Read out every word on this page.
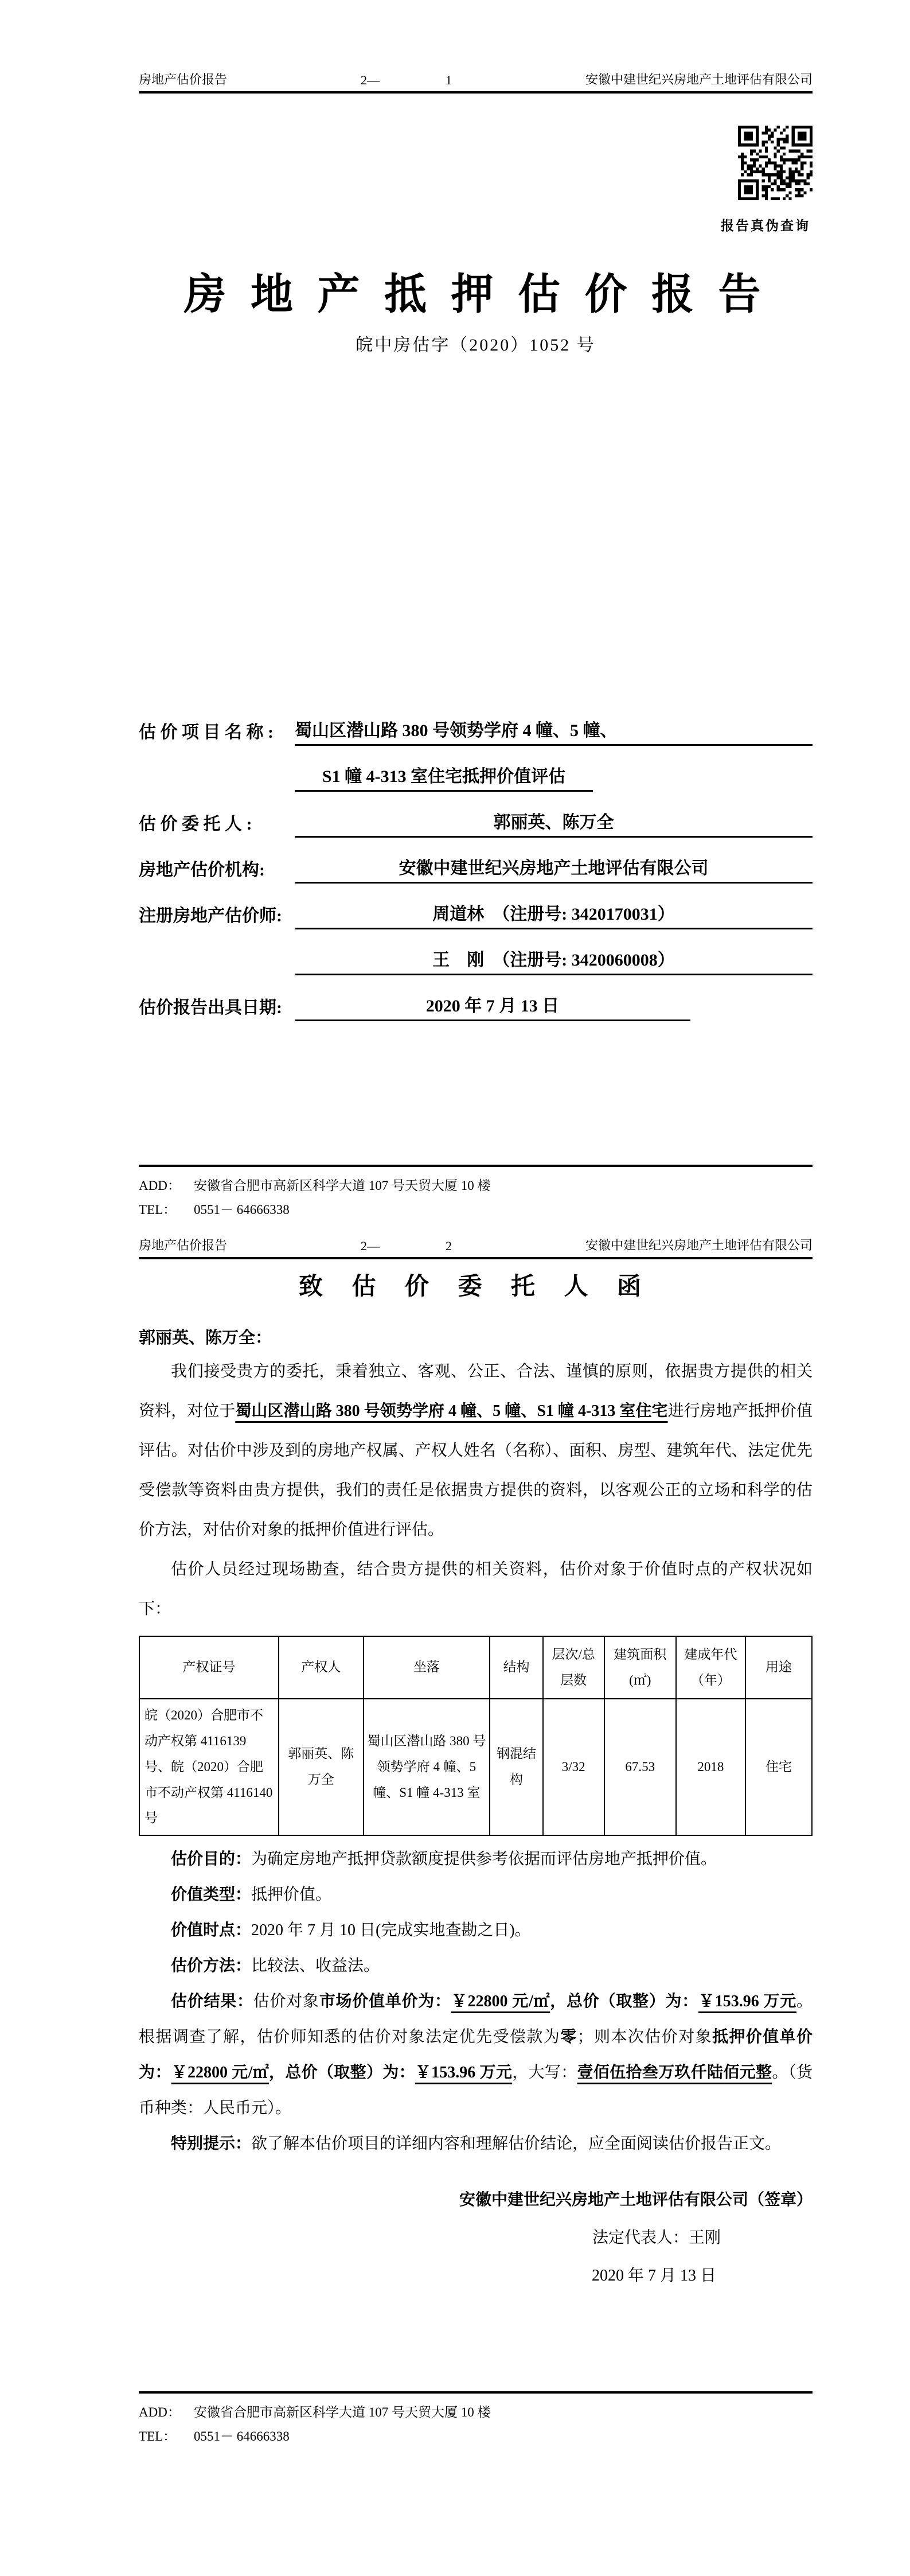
房地产估价报告	2—	1	安徽中建世纪兴房地产土地评估有限公司
报告真伪查询
房 地 产 抵 押 估 价 报 告
皖中房估字（2020）1052 号
估 价 项 目 名 称 :	蜀山区潜山路 380 号领势学府 4 幢、5 幢、
S1 幢 4-313 室住宅抵押价值评估
估 价 委 托 人 :	郭丽英、陈万全
房地产估价机构:	安徽中建世纪兴房地产土地评估有限公司
注册房地产估价师:	周道林　（注册号: 3420170031）
王　刚　（注册号: 3420060008）
估价报告出具日期:	2020 年 7 月 13 日
ADD：	安徽省合肥市高新区科学大道 107 号天贸大厦 10 楼
TEL：	0551－ 64666338
房地产估价报告	2—	2	安徽中建世纪兴房地产土地评估有限公司
致 估 价 委 托 人 函
郭丽英、陈万全：

我们接受贵方的委托，秉着独立、客观、公正、合法、谨慎的原则，依据贵方提供的相关资料，对位于蜀山区潜山路 380 号领势学府 4 幢、5 幢、S1 幢 4-313 室住宅进行房地产抵押价值评估。对估价中涉及到的房地产权属、产权人姓名（名称）、面积、房型、建筑年代、法定优先受偿款等资料由贵方提供，我们的责任是依据贵方提供的资料，以客观公正的立场和科学的估价方法，对估价对象的抵押价值进行评估。

估价人员经过现场勘查，结合贵方提供的相关资料，估价对象于价值时点的产权状况如下：

产权证号	产权人	坐落	结构	层次/总层数	建筑面积(㎡)	建成年代（年）	用途
皖（2020）合肥市不动产权第 4116139 号、皖（2020）合肥市不动产权第 4116140 号	郭丽英、陈万全	蜀山区潜山路 380 号领势学府 4 幢、5 幢、S1 幢 4-313 室	钢混结构	3/32	67.53	2018	住宅

估价目的：为确定房地产抵押贷款额度提供参考依据而评估房地产抵押价值。

价值类型：抵押价值。

价值时点：2020 年 7 月 10 日(完成实地查勘之日)。

估价方法：比较法、收益法。

估价结果：估价对象市场价值单价为：￥22800 元/㎡，总价（取整）为：￥153.96 万元。根据调查了解，估价师知悉的估价对象法定优先受偿款为零；则本次估价对象抵押价值单价为：￥22800 元/㎡，总价（取整）为：￥153.96 万元，大写：壹佰伍拾叁万玖仟陆佰元整。（货币种类：人民币元）。

特别提示：欲了解本估价项目的详细内容和理解估价结论，应全面阅读估价报告正文。

安徽中建世纪兴房地产土地评估有限公司（签章）
法定代表人：王刚
2020 年 7 月 13 日
ADD：	安徽省合肥市高新区科学大道 107 号天贸大厦 10 楼
TEL：	0551－ 64666338
